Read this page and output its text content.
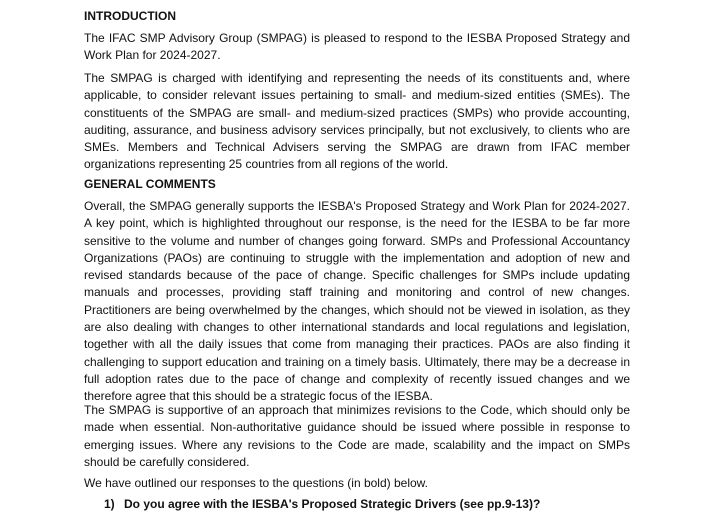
INTRODUCTION

The IFAC SMP Advisory Group (SMPAG) is pleased to respond to the IESBA Proposed Strategy and Work Plan for 2024-2027.

The SMPAG is charged with identifying and representing the needs of its constituents and, where applicable, to consider relevant issues pertaining to small- and medium-sized entities (SMEs). The constituents of the SMPAG are small- and medium-sized practices (SMPs) who provide accounting, auditing, assurance, and business advisory services principally, but not exclusively, to clients who are SMEs. Members and Technical Advisers serving the SMPAG are drawn from IFAC member organizations representing 25 countries from all regions of the world.

GENERAL COMMENTS

Overall, the SMPAG generally supports the IESBA's Proposed Strategy and Work Plan for 2024-2027. A key point, which is highlighted throughout our response, is the need for the IESBA to be far more sensitive to the volume and number of changes going forward. SMPs and Professional Accountancy Organizations (PAOs) are continuing to struggle with the implementation and adoption of new and revised standards because of the pace of change. Specific challenges for SMPs include updating manuals and processes, providing staff training and monitoring and control of new changes. Practitioners are being overwhelmed by the changes, which should not be viewed in isolation, as they are also dealing with changes to other international standards and local regulations and legislation, together with all the daily issues that come from managing their practices. PAOs are also finding it challenging to support education and training on a timely basis. Ultimately, there may be a decrease in full adoption rates due to the pace of change and complexity of recently issued changes and we therefore agree that this should be a strategic focus of the IESBA.

The SMPAG is supportive of an approach that minimizes revisions to the Code, which should only be made when essential. Non-authoritative guidance should be issued where possible in response to emerging issues. Where any revisions to the Code are made, scalability and the impact on SMPs should be carefully considered.

We have outlined our responses to the questions (in bold) below.

1) Do you agree with the IESBA's Proposed Strategic Drivers (see pp.9-13)?
